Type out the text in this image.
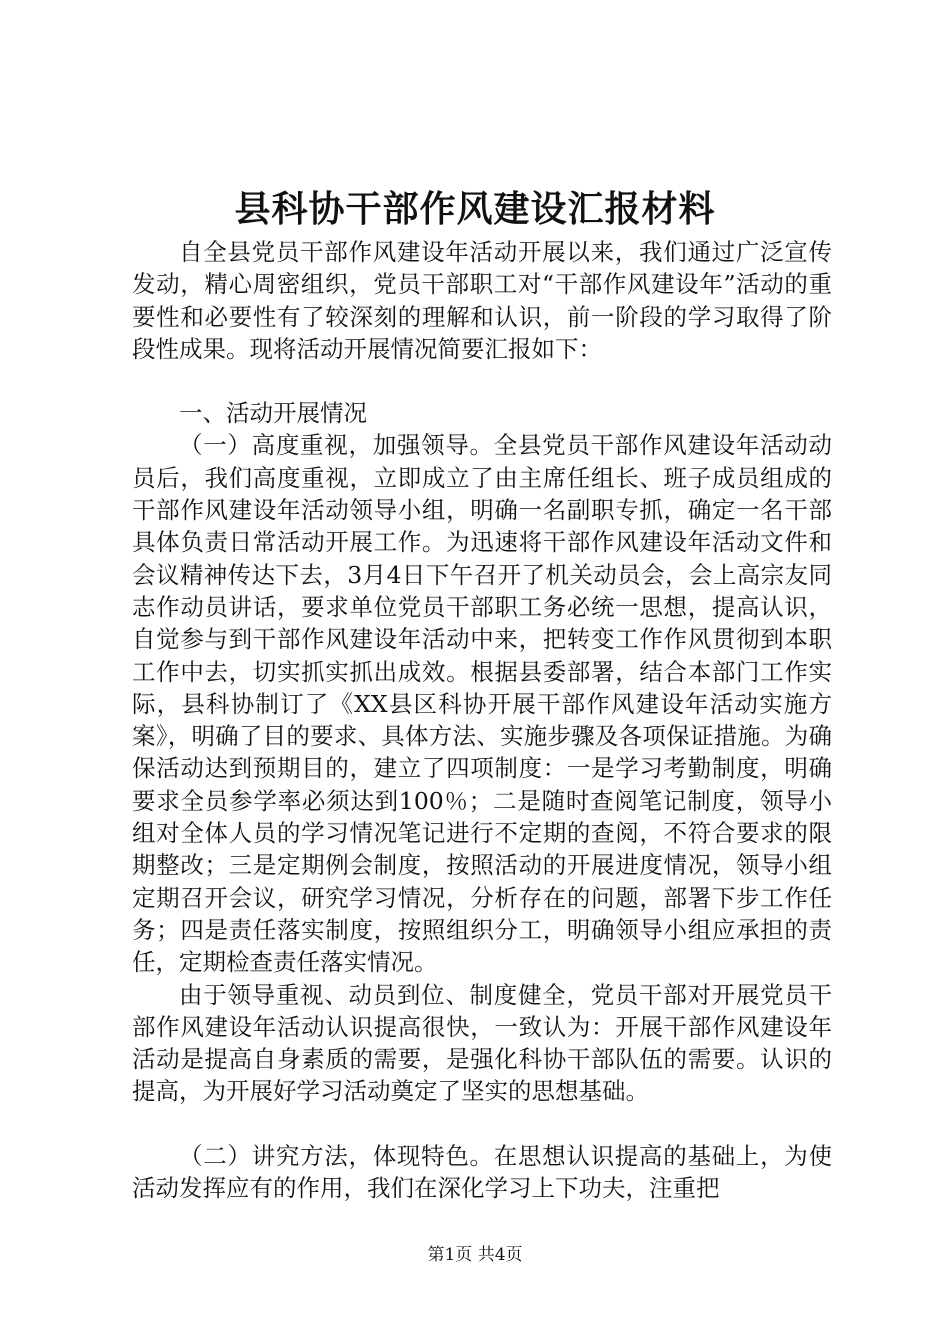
县科协干部作风建设汇报材料

自全县党员干部作风建设年活动开展以来，我们通过广泛宣传发动，精心周密组织，党员干部职工对“干部作风建设年”活动的重要性和必要性有了较深刻的理解和认识，前一阶段的学习取得了阶段性成果。现将活动开展情况简要汇报如下：

一、活动开展情况

（一）高度重视，加强领导。全县党员干部作风建设年活动动员后，我们高度重视，立即成立了由主席任组长、班子成员组成的干部作风建设年活动领导小组，明确一名副职专抓，确定一名干部具体负责日常活动开展工作。为迅速将干部作风建设年活动文件和会议精神传达下去，3月4日下午召开了机关动员会，会上高宗友同志作动员讲话，要求单位党员干部职工务必统一思想，提高认识，自觉参与到干部作风建设年活动中来，把转变工作作风贯彻到本职工作中去，切实抓实抓出成效。根据县委部署，结合本部门工作实际，县科协制订了《XX县区科协开展干部作风建设年活动实施方案》，明确了目的要求、具体方法、实施步骤及各项保证措施。为确保活动达到预期目的，建立了四项制度：一是学习考勤制度，明确要求全员参学率必须达到100％；二是随时查阅笔记制度，领导小组对全体人员的学习情况笔记进行不定期的查阅，不符合要求的限期整改；三是定期例会制度，按照活动的开展进度情况，领导小组定期召开会议，研究学习情况，分析存在的问题，部署下步工作任务；四是责任落实制度，按照组织分工，明确领导小组应承担的责任，定期检查责任落实情况。

由于领导重视、动员到位、制度健全，党员干部对开展党员干部作风建设年活动认识提高很快，一致认为：开展干部作风建设年活动是提高自身素质的需要，是强化科协干部队伍的需要。认识的提高，为开展好学习活动奠定了坚实的思想基础。

（二）讲究方法，体现特色。在思想认识提高的基础上，为使活动发挥应有的作用，我们在深化学习上下功夫，注重把

第1页 共4页
